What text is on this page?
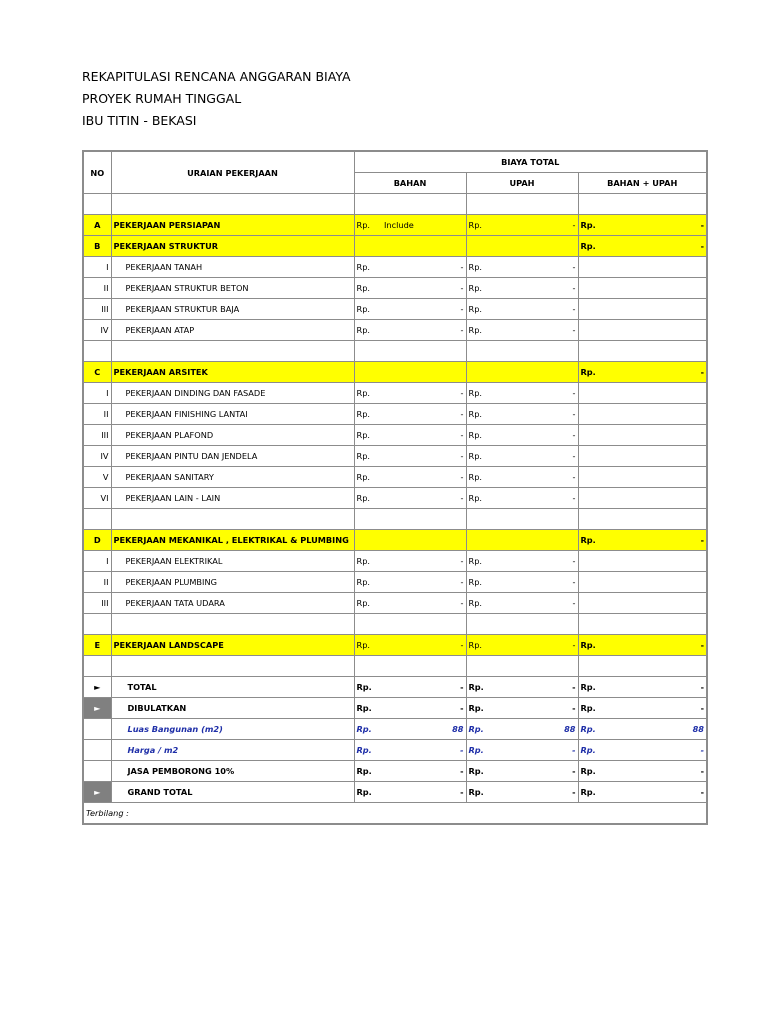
REKAPITULASI RENCANA ANGGARAN BIAYA
PROYEK RUMAH TINGGAL
IBU TITIN - BEKASI
NO	URAIAN PEKERJAAN	BIAYA TOTAL		
		BAHAN	UPAH	BAHAN + UPAH

A	PEKERJAAN PERSIAPAN	Rp. Include	Rp. -	Rp. -

B	PEKERJAAN STRUKTUR			Rp. -

I	PEKERJAAN TANAH	Rp. -	Rp. -	

II	PEKERJAAN STRUKTUR BETON	Rp. -	Rp. -	

III	PEKERJAAN STRUKTUR BAJA	Rp. -	Rp. -	

IV	PEKERJAAN ATAP	Rp. -	Rp. -	

C	PEKERJAAN ARSITEK			Rp. -

I	PEKERJAAN DINDING DAN FASADE	Rp. -	Rp. -	

II	PEKERJAAN FINISHING LANTAI	Rp. -	Rp. -	

III	PEKERJAAN PLAFOND	Rp. -	Rp. -	

IV	PEKERJAAN PINTU DAN JENDELA	Rp. -	Rp. -	

V	PEKERJAAN SANITARY	Rp. -	Rp. -	

VI	PEKERJAAN LAIN - LAIN	Rp. -	Rp. -	

D	PEKERJAAN MEKANIKAL , ELEKTRIKAL & PLUMBING			Rp. -

I	PEKERJAAN ELEKTRIKAL	Rp. -	Rp. -	

II	PEKERJAAN PLUMBING	Rp. -	Rp. -	

III	PEKERJAAN TATA UDARA	Rp. -	Rp. -	

E	PEKERJAAN LANDSCAPE	Rp. -	Rp. -	Rp. -

►	TOTAL	Rp. -	Rp. -	Rp. -

►	DIBULATKAN	Rp. -	Rp. -	Rp. -

	Luas Bangunan (m2)	Rp. 88	Rp. 88	Rp. 88

	Harga / m2	Rp. -	Rp. -	Rp. -

	JASA PEMBORONG 10%	Rp. -	Rp. -	Rp. -

►	GRAND TOTAL	Rp. -	Rp. -	Rp. -

Terbilang :				
